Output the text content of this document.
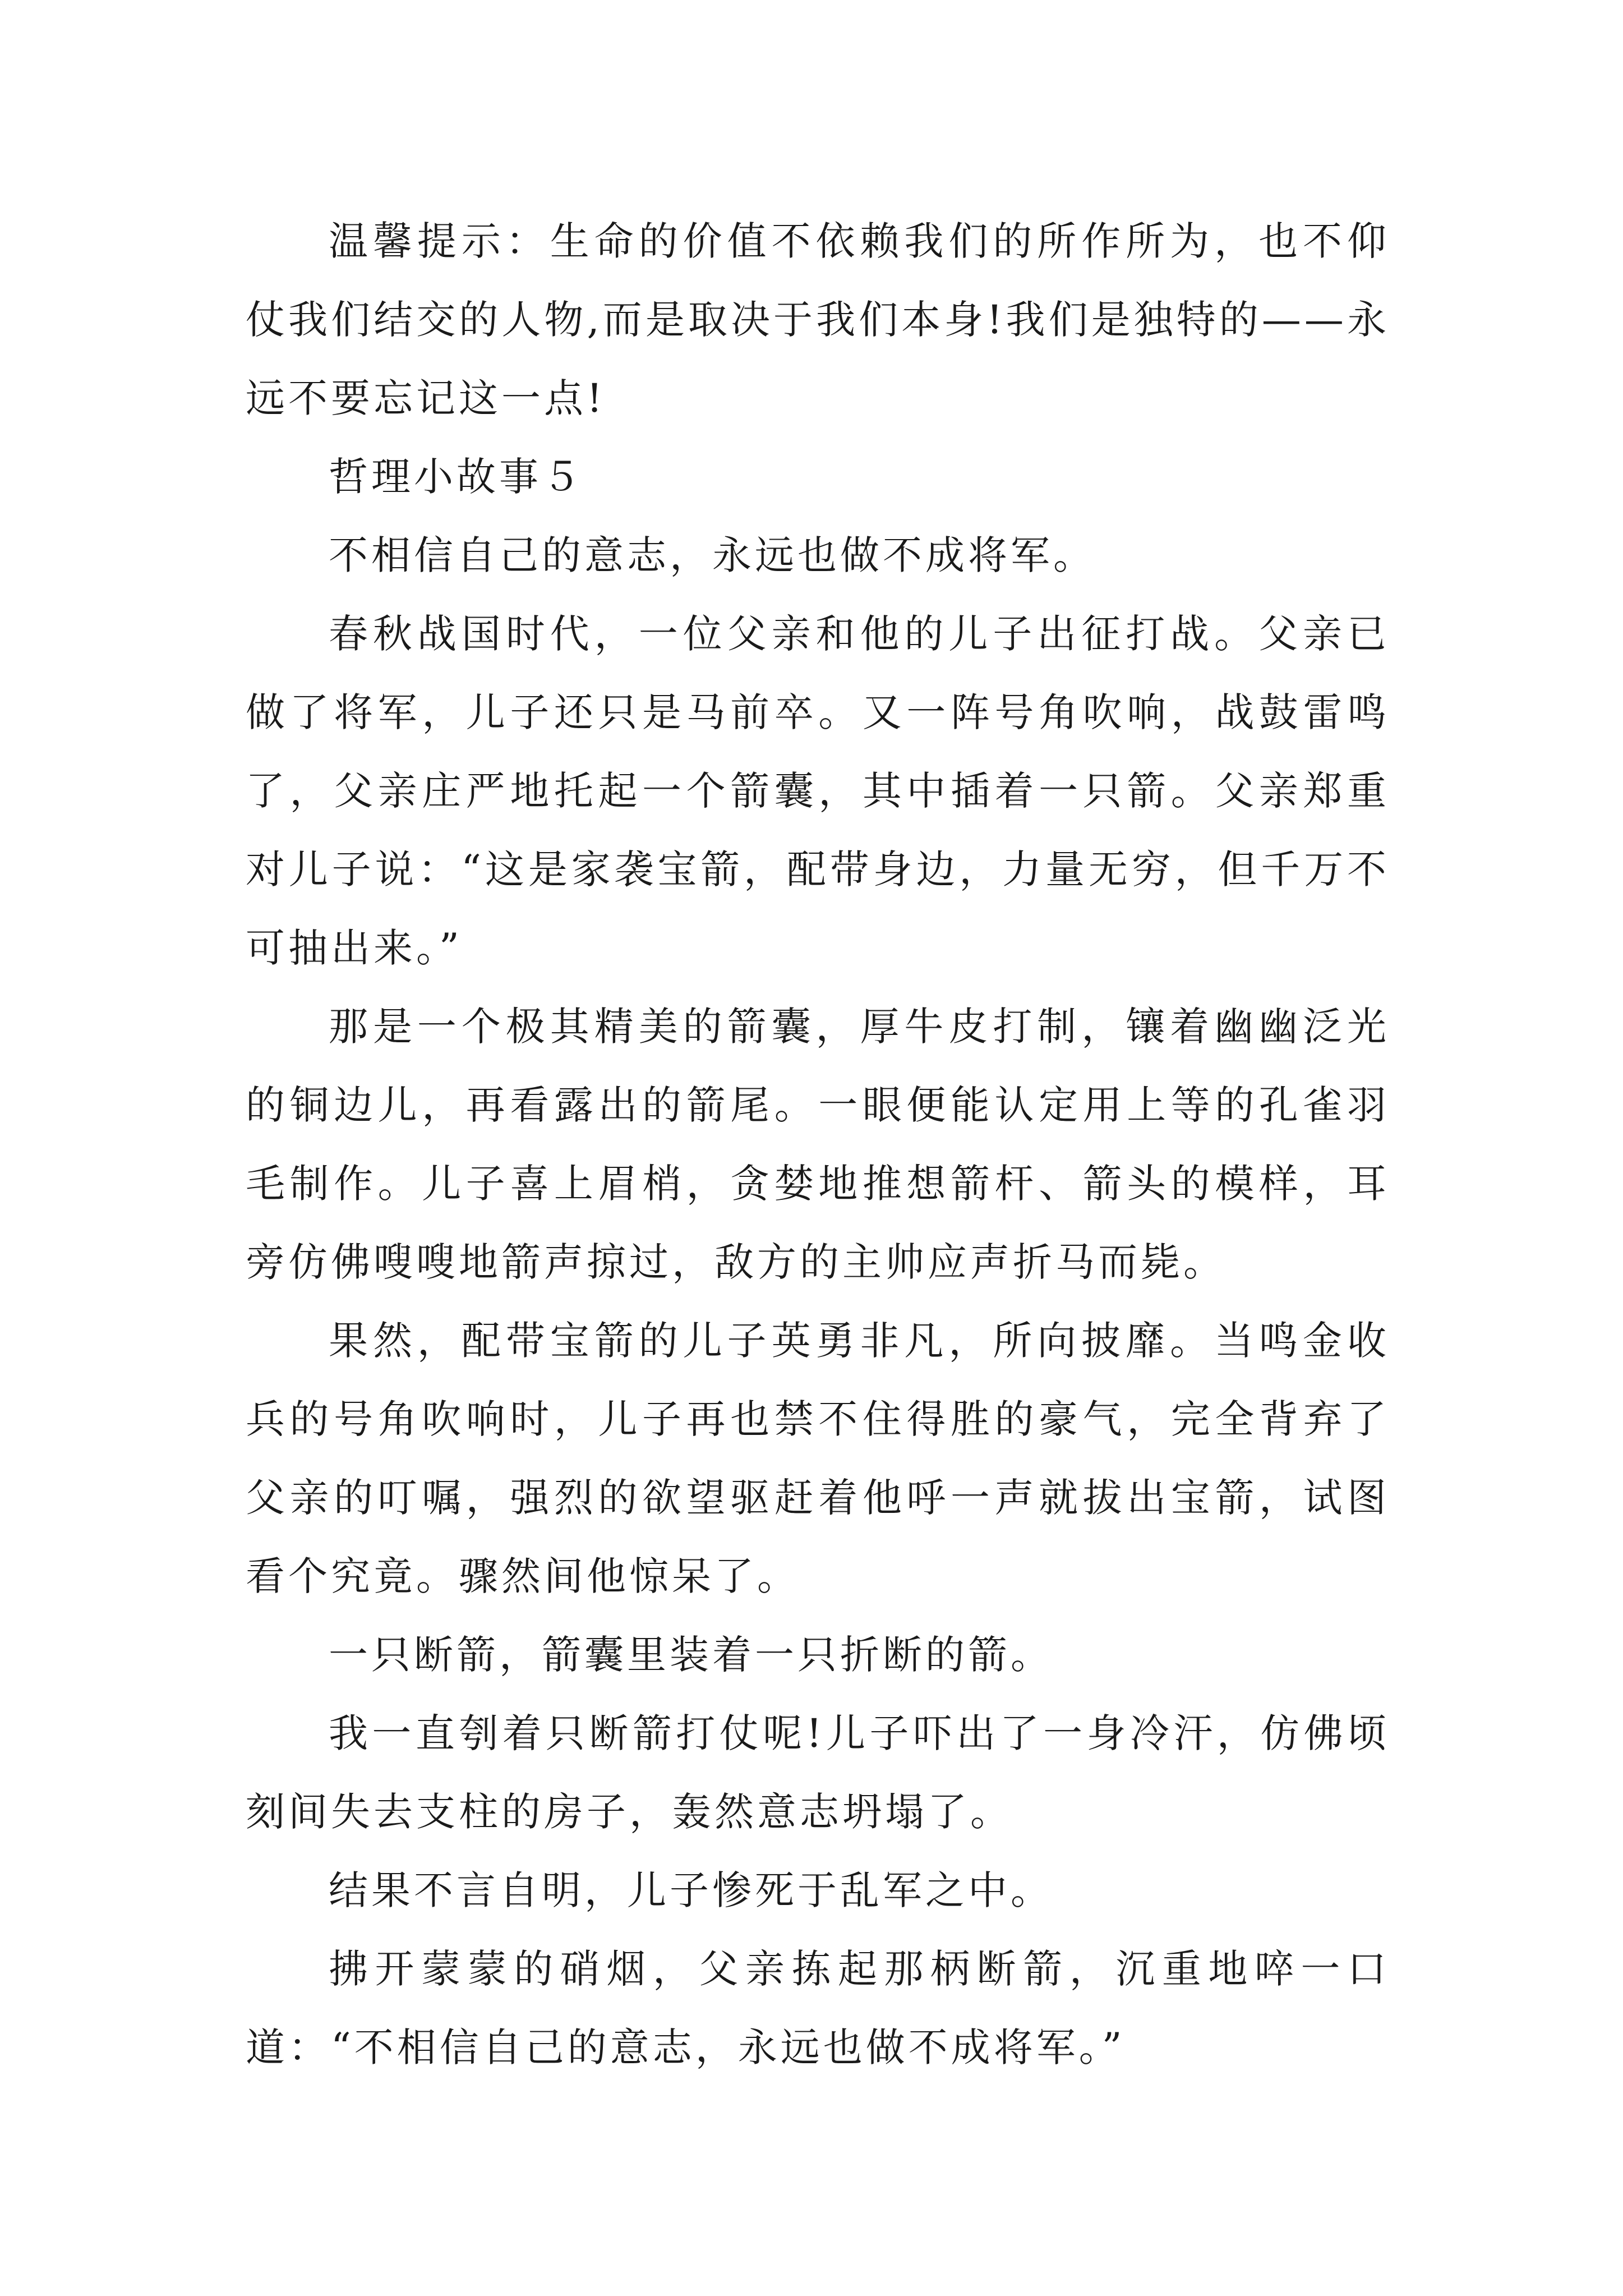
温馨提示：生命的价值不依赖我们的所作所为，也不仰仗我们结交的人物,而是取决于我们本身!我们是独特的——永远不要忘记这一点!

哲理小故事５

不相信自己的意志，永远也做不成将军。

春秋战国时代，一位父亲和他的儿子出征打战。父亲已做了将军，儿子还只是马前卒。又一阵号角吹响，战鼓雷鸣了，父亲庄严地托起一个箭囊，其中插着一只箭。父亲郑重对儿子说：“这是家袭宝箭，配带身边，力量无穷，但千万不可抽出来。”

那是一个极其精美的箭囊，厚牛皮打制，镶着幽幽泛光的铜边儿，再看露出的箭尾。一眼便能认定用上等的孔雀羽毛制作。儿子喜上眉梢，贪婪地推想箭杆、箭头的模样，耳旁仿佛嗖嗖地箭声掠过，敌方的主帅应声折马而毙。

果然，配带宝箭的儿子英勇非凡，所向披靡。当鸣金收兵的号角吹响时，儿子再也禁不住得胜的豪气，完全背弃了父亲的叮嘱，强烈的欲望驱赶着他呼一声就拔出宝箭，试图看个究竟。骤然间他惊呆了。

一只断箭，箭囊里装着一只折断的箭。

我一直刳着只断箭打仗呢!儿子吓出了一身冷汗，仿佛顷刻间失去支柱的房子，轰然意志坍塌了。

结果不言自明，儿子惨死于乱军之中。

拂开蒙蒙的硝烟，父亲拣起那柄断箭，沉重地啐一口道：“不相信自己的意志，永远也做不成将军。”
